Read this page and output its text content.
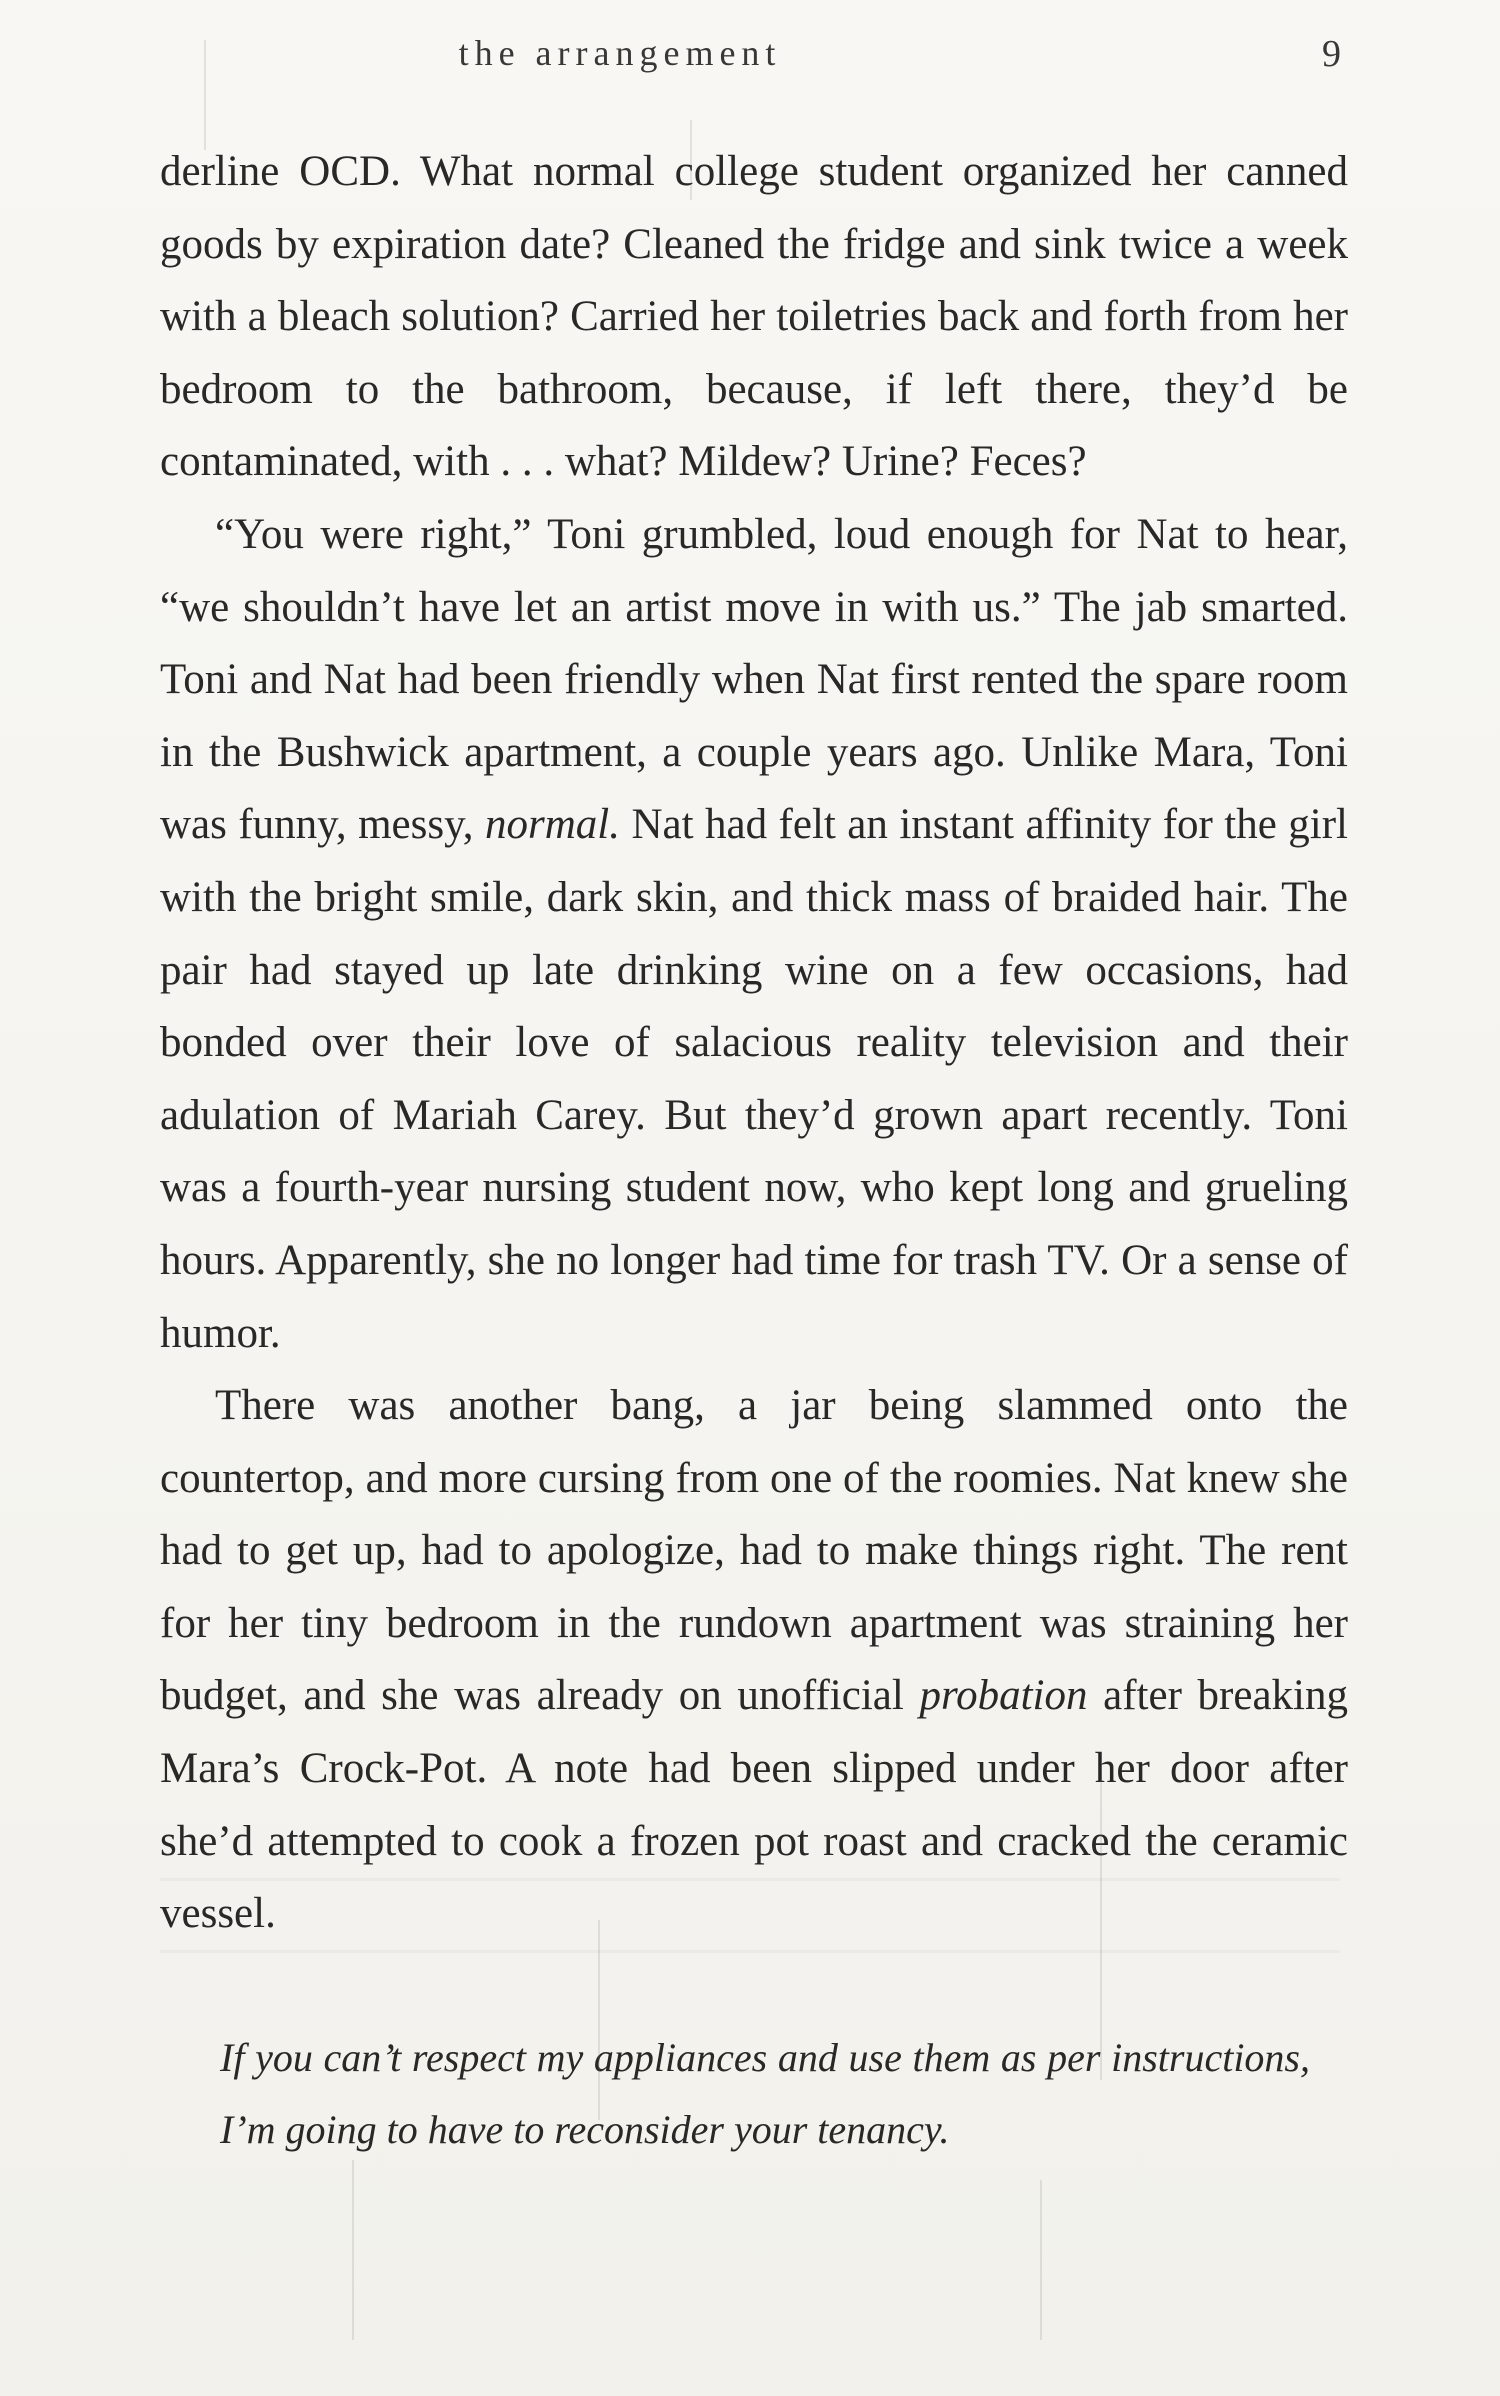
the arrangement	9

derline OCD. What normal college student organized her canned goods by expiration date? Cleaned the fridge and sink twice a week with a bleach solution? Carried her toiletries back and forth from her bedroom to the bathroom, because, if left there, they’d be contaminated, with . . . what? Mildew? Urine? Feces?

“You were right,” Toni grumbled, loud enough for Nat to hear, “we shouldn’t have let an artist move in with us.” The jab smarted. Toni and Nat had been friendly when Nat first rented the spare room in the Bushwick apartment, a couple years ago. Unlike Mara, Toni was funny, messy, normal. Nat had felt an instant affinity for the girl with the bright smile, dark skin, and thick mass of braided hair. The pair had stayed up late drinking wine on a few occasions, had bonded over their love of salacious reality television and their adulation of Mariah Carey. But they’d grown apart recently. Toni was a fourth-year nursing student now, who kept long and grueling hours. Apparently, she no longer had time for trash TV. Or a sense of humor.

There was another bang, a jar being slammed onto the countertop, and more cursing from one of the roomies. Nat knew she had to get up, had to apologize, had to make things right. The rent for her tiny bedroom in the rundown apartment was straining her budget, and she was already on unofficial probation after breaking Mara’s Crock-Pot. A note had been slipped under her door after she’d attempted to cook a frozen pot roast and cracked the ceramic vessel.

If you can’t respect my appliances and use them as per instructions, I’m going to have to reconsider your tenancy.
